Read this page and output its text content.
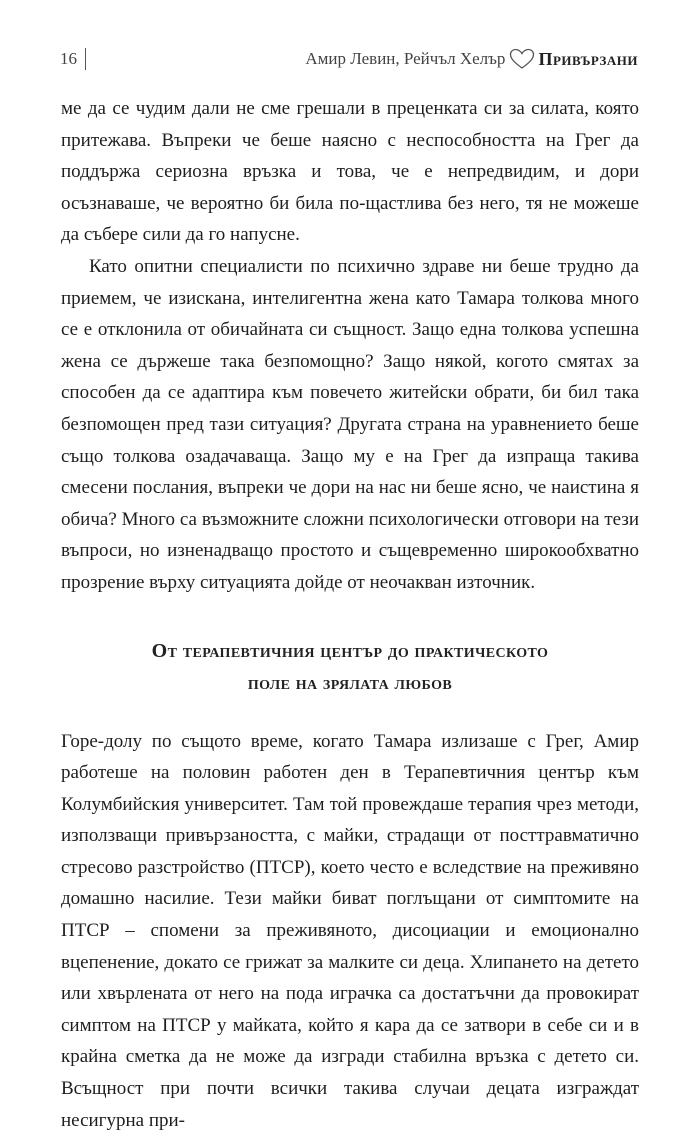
16	Амир Левин, Рейчъл Хелър Привързани

ме да се чудим дали не сме грешали в преценката си за силата, която притежава. Въпреки че беше наясно с неспособността на Грег да поддържа сериозна връзка и това, че е непредвидим, и дори осъзнаваше, че вероятно би била по-щастлива без него, тя не можеше да събере сили да го напусне.

Като опитни специалисти по психично здраве ни беше трудно да приемем, че изискана, интелигентна жена като Тамара толкова много се е отклонила от обичайната си същност. Защо една толкова успешна жена се държеше така безпомощно? Защо някой, когото смятах за способен да се адаптира към повечето житейски обрати, би бил така безпомощен пред тази ситуация? Другата страна на уравнението беше също толкова озадачаваща. Защо му е на Грег да изпраща такива смесени послания, въпреки че дори на нас ни беше ясно, че наистина я обича? Много са възможните сложни психологически отговори на тези въпроси, но изненадващо простото и същевременно широкообхватно прозрение върху ситуацията дойде от неочакван източник.

От терапевтичния център до практическото
поле на зрялата любов

Горе-долу по същото време, когато Тамара излизаше с Грег, Амир работеше на половин работен ден в Терапевтичния център към Колумбийския университет. Там той провеждаше терапия чрез методи, използващи привързаността, с майки, страдащи от посттравматично стресово разстройство (ПТСР), което често е вследствие на преживяно домашно насилие. Тези майки биват поглъщани от симптомите на ПТСР – спомени за преживяното, дисоциации и емоционално вцепенение, докато се грижат за малките си деца. Хлипането на детето или хвърлената от него на пода играчка са достатъчни да провокират симптом на ПТСР у майката, който я кара да се затвори в себе си и в крайна сметка да не може да изгради стабилна връзка с детето си. Всъщност при почти всички такива случаи децата изграждат несигурна при-
